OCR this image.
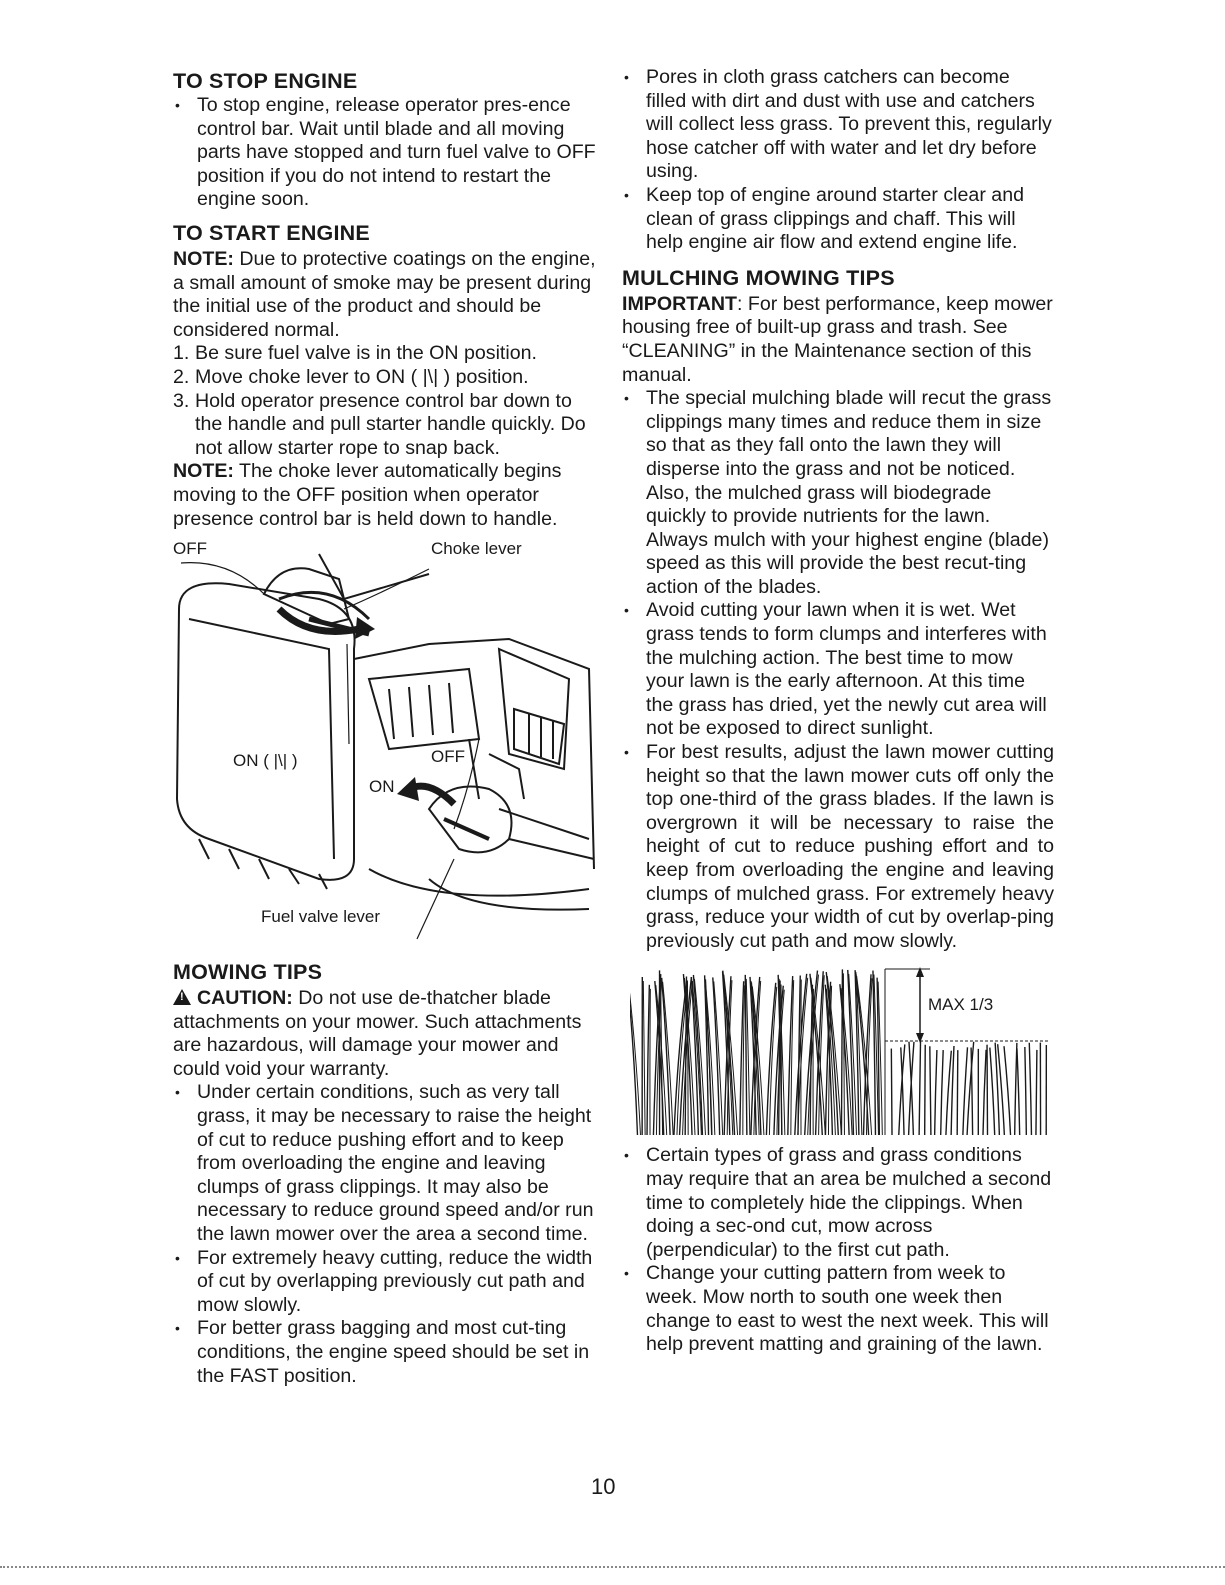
TO STOP ENGINE
• To stop engine, release operator pres-ence control bar. Wait until blade and all moving parts have stopped and turn fuel valve to OFF position if you do not intend to restart the engine soon.
TO START ENGINE

NOTE: Due to protective coatings on the engine, a small amount of smoke may be present during the initial use of the product and should be considered normal.

1. Be sure fuel valve is in the ON position.
2. Move choke lever to ON ( |\| ) position.
3. Hold operator presence control bar down to the handle and pull starter handle quickly. Do not allow starter rope to snap back.

NOTE: The choke lever automatically begins moving to the OFF position when operator presence control bar is held down to handle.

OFF	Choke lever
ON ( |\| )	OFF
ON
Fuel valve lever
MOWING TIPS

!CAUTION: Do not use de-thatcher blade attachments on your mower. Such attachments are hazardous, will damage your mower and could void your warranty.

• Under certain conditions, such as very tall grass, it may be necessary to raise the height of cut to reduce pushing effort and to keep from overloading the engine and leaving clumps of grass clippings. It may also be necessary to reduce ground speed and/or run the lawn mower over the area a second time.
• For extremely heavy cutting, reduce the width of cut by overlapping previously cut path and mow slowly.
• For better grass bagging and most cut-ting conditions, the engine speed should be set in the FAST position.
• Pores in cloth grass catchers can become filled with dirt and dust with use and catchers will collect less grass. To prevent this, regularly hose catcher off with water and let dry before using.
• Keep top of engine around starter clear and clean of grass clippings and chaff. This will help engine air flow and extend engine life.
MULCHING MOWING TIPS

IMPORTANT: For best performance, keep mower housing free of built-up grass and trash. See “CLEANING” in the Maintenance section of this manual.

• The special mulching blade will recut the grass clippings many times and reduce them in size so that as they fall onto the lawn they will disperse into the grass and not be noticed. Also, the mulched grass will biodegrade quickly to provide nutrients for the lawn. Always mulch with your highest engine (blade) speed as this will provide the best recut-ting action of the blades.
• Avoid cutting your lawn when it is wet. Wet grass tends to form clumps and interferes with the mulching action. The best time to mow your lawn is the early afternoon. At this time the grass has dried, yet the newly cut area will not be exposed to direct sunlight.
• For best results, adjust the lawn mower cutting height so that the lawn mower cuts off only the top one-third of the grass blades. If the lawn is overgrown it will be necessary to raise the height of cut to reduce pushing effort and to keep from overloading the engine and leaving clumps of mulched grass. For extremely heavy grass, reduce your width of cut by overlap-ping previously cut path and mow slowly.
MAX 1/3
• Certain types of grass and grass conditions may require that an area be mulched a second time to completely hide the clippings. When doing a sec-ond cut, mow across (perpendicular) to the first cut path.
• Change your cutting pattern from week to week. Mow north to south one week then change to east to west the next week. This will help prevent matting and graining of the lawn.
10
